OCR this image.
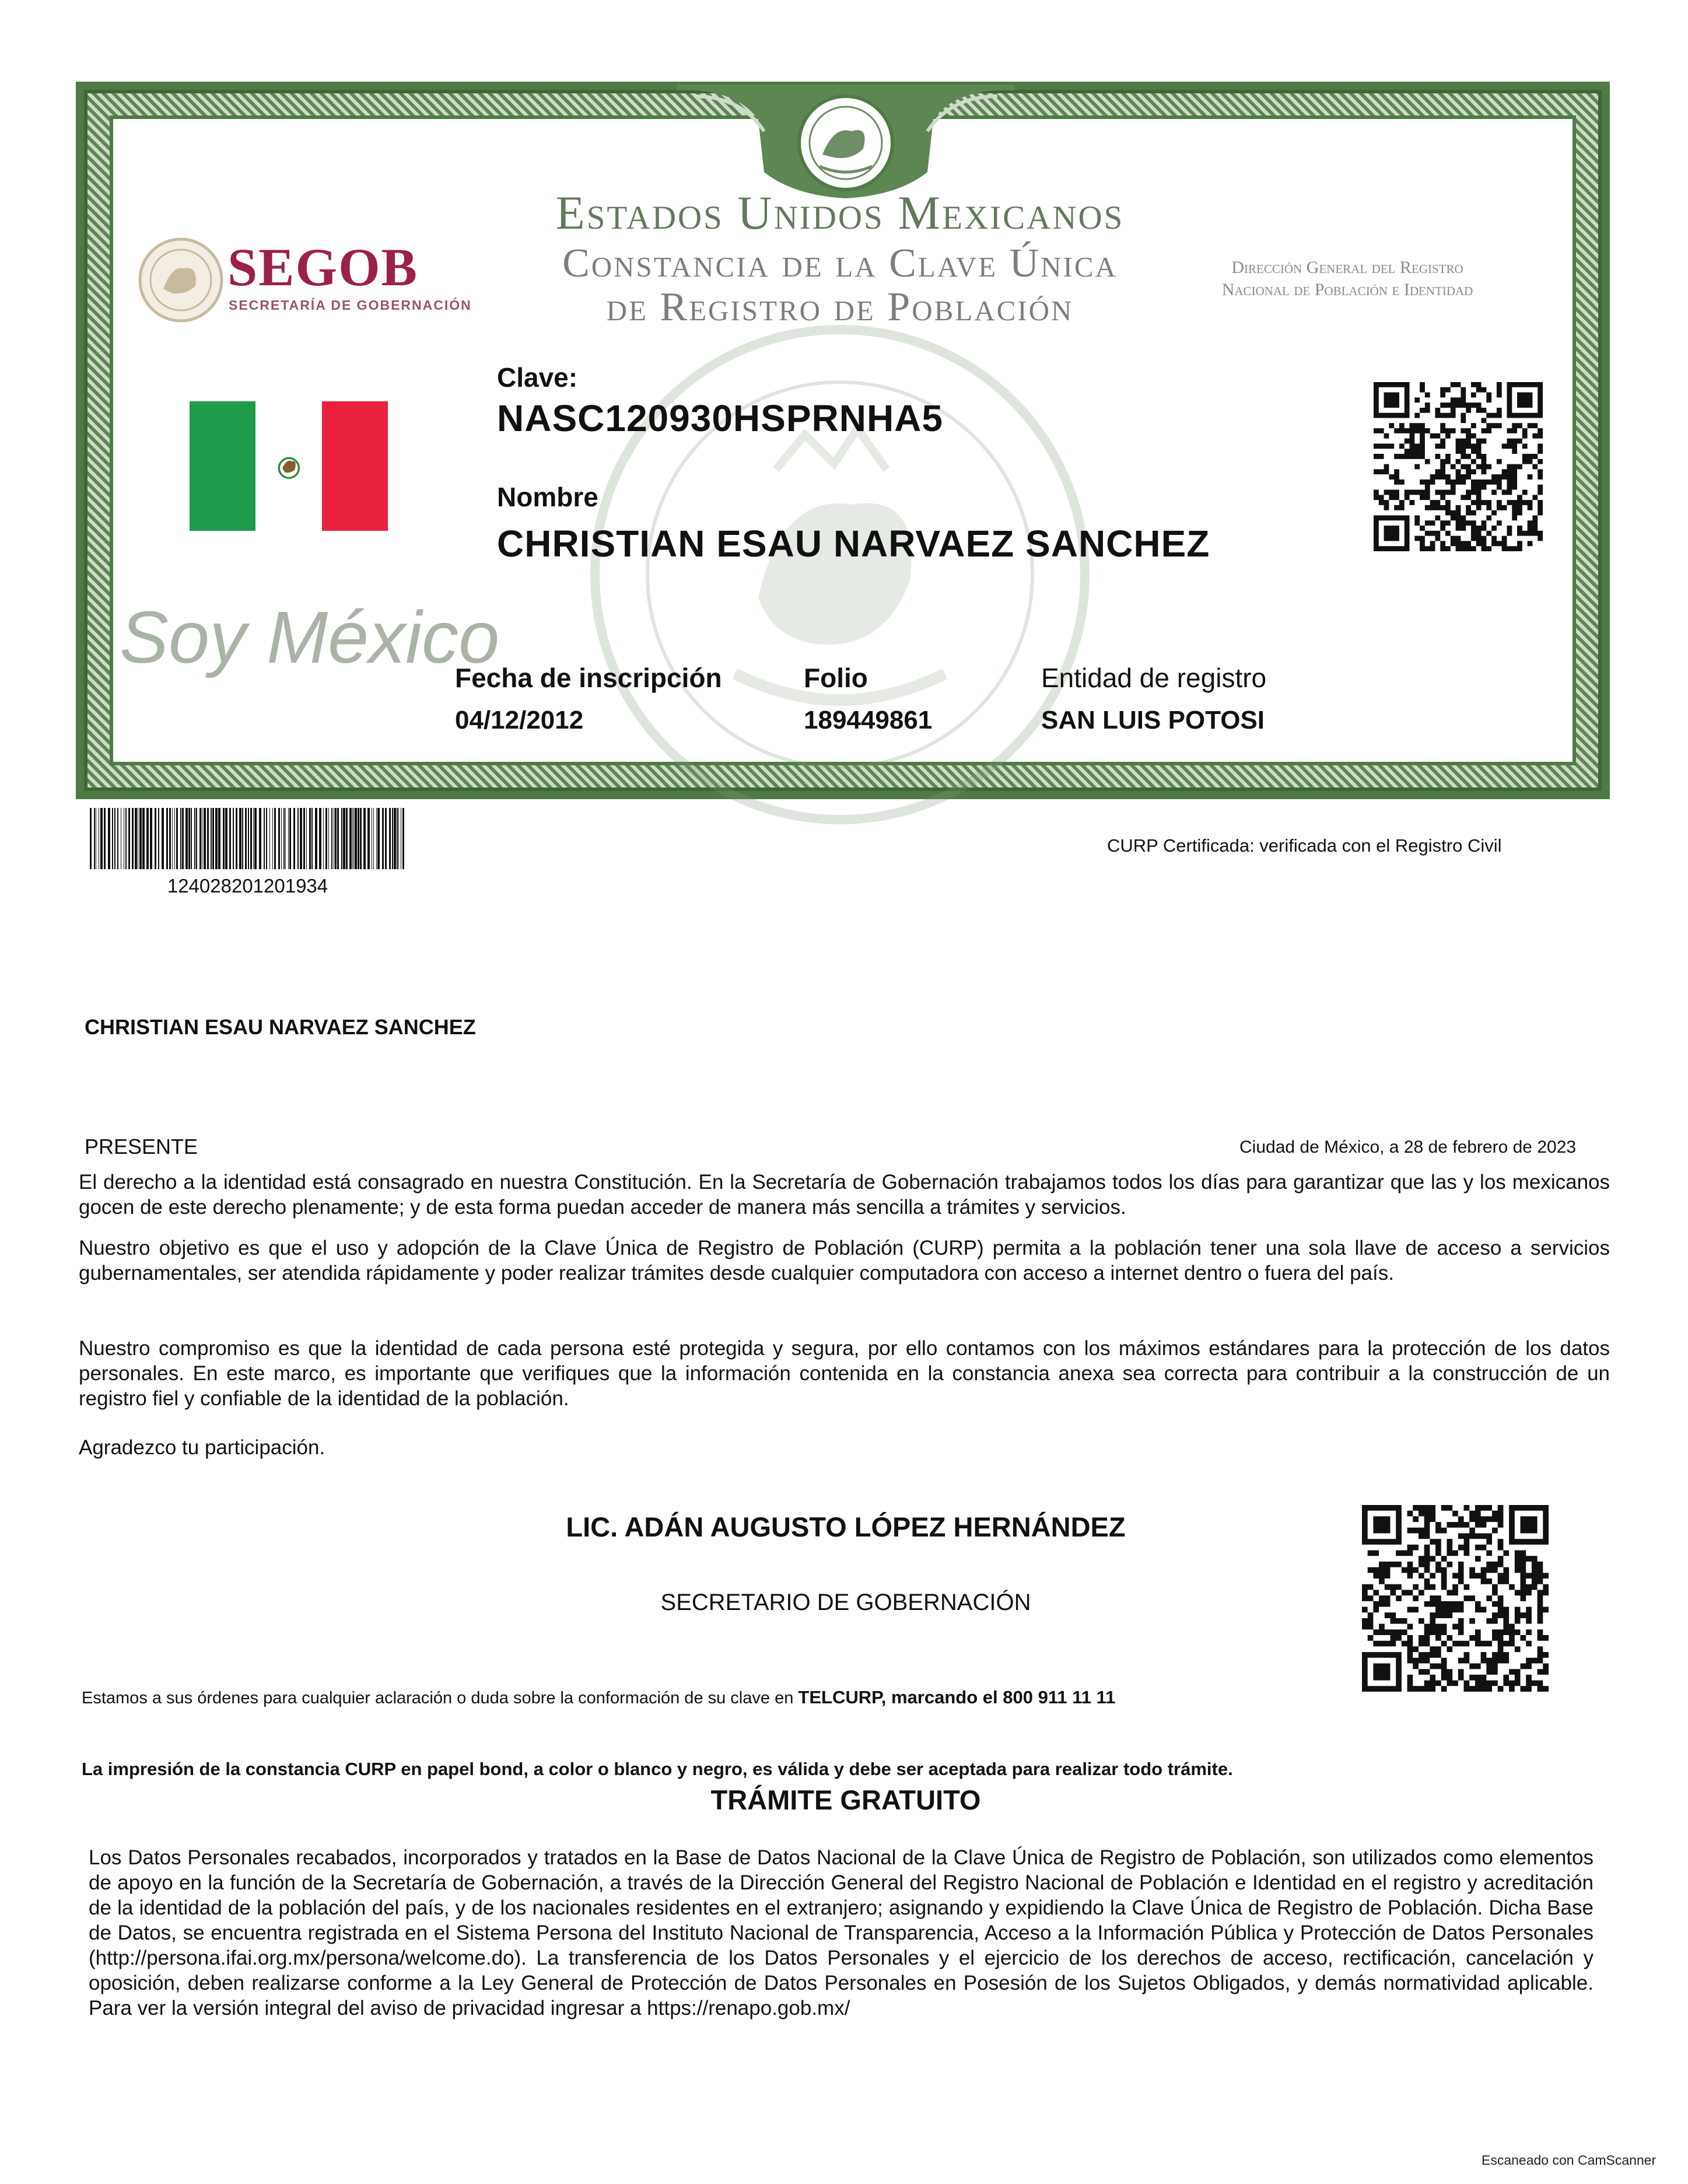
SEGOB
SECRETARÍA DE GOBERNACIÓN
Estados Unidos Mexicanos
Constancia de la Clave Única
de Registro de Población
Dirección General del Registro Nacional de Población e Identidad
Soy México
Clave:
NASC120930HSPRNHA5
Nombre
CHRISTIAN ESAU NARVAEZ SANCHEZ
Fecha de inscripción
04/12/2012
Folio
189449861
Entidad de registro
SAN LUIS POTOSI
124028201201934
CURP Certificada: verificada con el Registro Civil
CHRISTIAN ESAU NARVAEZ SANCHEZ
PRESENTE	Ciudad de México, a 28 de febrero de 2023
El derecho a la identidad está consagrado en nuestra Constitución. En la Secretaría de Gobernación trabajamos todos los días para garantizar que las y los mexicanos gocen de este derecho plenamente; y de esta forma puedan acceder de manera más sencilla a trámites y servicios.
Nuestro objetivo es que el uso y adopción de la Clave Única de Registro de Población (CURP) permita a la población tener una sola llave de acceso a servicios gubernamentales, ser atendida rápidamente y poder realizar trámites desde cualquier computadora con acceso a internet dentro o fuera del país.
Nuestro compromiso es que la identidad de cada persona esté protegida y segura, por ello contamos con los máximos estándares para la protección de los datos personales. En este marco, es importante que verifiques que la información contenida en la constancia anexa sea correcta para contribuir a la construcción de un registro fiel y confiable de la identidad de la población.
Agradezco tu participación.
LIC. ADÁN AUGUSTO LÓPEZ HERNÁNDEZ
SECRETARIO DE GOBERNACIÓN
Estamos a sus órdenes para cualquier aclaración o duda sobre la conformación de su clave en TELCURP, marcando el 800 911 11 11
La impresión de la constancia CURP en papel bond, a color o blanco y negro, es válida y debe ser aceptada para realizar todo trámite.
TRÁMITE GRATUITO
Los Datos Personales recabados, incorporados y tratados en la Base de Datos Nacional de la Clave Única de Registro de Población, son utilizados como elementos de apoyo en la función de la Secretaría de Gobernación, a través de la Dirección General del Registro Nacional de Población e Identidad en el registro y acreditación de la identidad de la población del país, y de los nacionales residentes en el extranjero; asignando y expidiendo la Clave Única de Registro de Población. Dicha Base de Datos, se encuentra registrada en el Sistema Persona del Instituto Nacional de Transparencia, Acceso a la Información Pública y Protección de Datos Personales (http://persona.ifai.org.mx/persona/welcome.do). La transferencia de los Datos Personales y el ejercicio de los derechos de acceso, rectificación, cancelación y oposición, deben realizarse conforme a la Ley General de Protección de Datos Personales en Posesión de los Sujetos Obligados, y demás normatividad aplicable. Para ver la versión integral del aviso de privacidad ingresar a https://renapo.gob.mx/
Escaneado con CamScanner
